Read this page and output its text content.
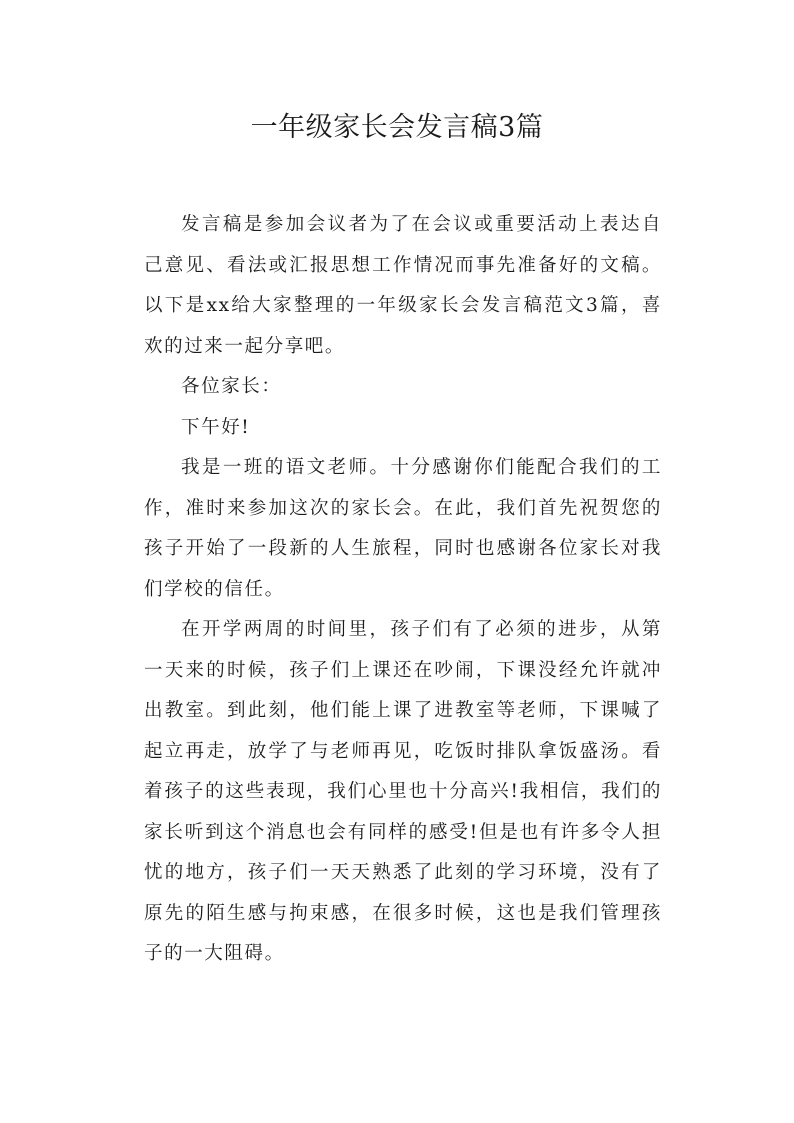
一年级家长会发言稿3篇

发言稿是参加会议者为了在会议或重要活动上表达自己意见、看法或汇报思想工作情况而事先准备好的文稿。以下是xx给大家整理的一年级家长会发言稿范文3篇，喜欢的过来一起分享吧。

各位家长：

下午好!

我是一班的语文老师。十分感谢你们能配合我们的工作，准时来参加这次的家长会。在此，我们首先祝贺您的孩子开始了一段新的人生旅程，同时也感谢各位家长对我们学校的信任。

在开学两周的时间里，孩子们有了必须的进步，从第一天来的时候，孩子们上课还在吵闹，下课没经允许就冲出教室。到此刻，他们能上课了进教室等老师，下课喊了起立再走，放学了与老师再见，吃饭时排队拿饭盛汤。看着孩子的这些表现，我们心里也十分高兴!我相信，我们的家长听到这个消息也会有同样的感受!但是也有许多令人担忧的地方，孩子们一天天熟悉了此刻的学习环境，没有了原先的陌生感与拘束感，在很多时候，这也是我们管理孩子的一大阻碍。
